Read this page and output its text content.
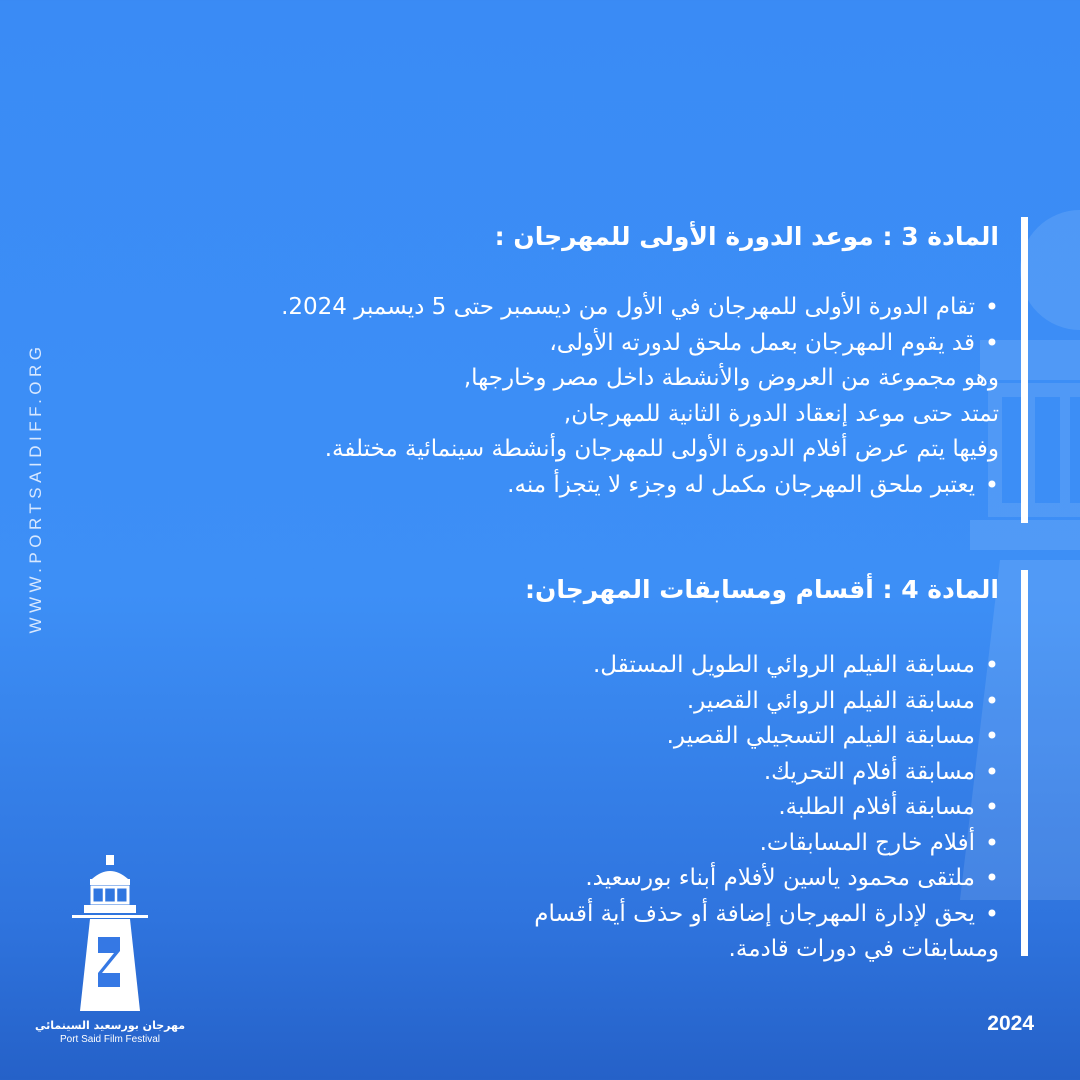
WWW.PORTSAIDIFF.ORG
المادة 3 : موعد الدورة الأولى للمهرجان :
• تقام الدورة الأولى للمهرجان في الأول من ديسمبر حتى 5 ديسمبر 2024.
• قد يقوم المهرجان بعمل ملحق لدورته الأولى،
وهو مجموعة من العروض والأنشطة داخل مصر وخارجها,
تمتد حتى موعد إنعقاد الدورة الثانية للمهرجان,
وفيها يتم عرض أفلام الدورة الأولى للمهرجان وأنشطة سينمائية مختلفة.
• يعتبر ملحق المهرجان مكمل له وجزء لا يتجزأ منه.
المادة 4 : أقسام ومسابقات المهرجان:
• مسابقة الفيلم الروائي الطويل المستقل.
• مسابقة الفيلم الروائي القصير.
• مسابقة الفيلم التسجيلي القصير.
• مسابقة أفلام التحريك.
• مسابقة أفلام الطلبة.
• أفلام خارج المسابقات.
• ملتقى محمود ياسين لأفلام أبناء بورسعيد.
• يحق لإدارة المهرجان إضافة أو حذف أية أقسام
ومسابقات في دورات قادمة.
مهرجان بورسعيد السينمائي
Port Said Film Festival
2024
